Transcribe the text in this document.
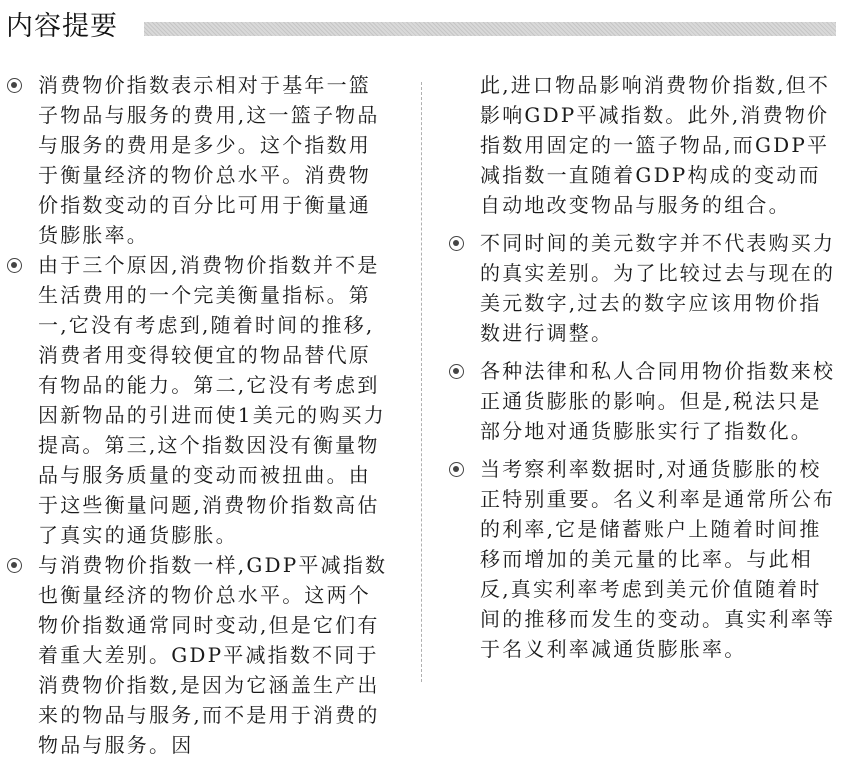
内容提要

消费物价指数表示相对于基年一篮子物品与服务的费用,这一篮子物品与服务的费用是多少。这个指数用于衡量经济的物价总水平。消费物价指数变动的百分比可用于衡量通货膨胀率。

由于三个原因,消费物价指数并不是生活费用的一个完美衡量指标。第一,它没有考虑到,随着时间的推移,消费者用变得较便宜的物品替代原有物品的能力。第二,它没有考虑到因新物品的引进而使1美元的购买力提高。第三,这个指数因没有衡量物品与服务质量的变动而被扭曲。由于这些衡量问题,消费物价指数高估了真实的通货膨胀。

与消费物价指数一样,GDP平减指数也衡量经济的物价总水平。这两个物价指数通常同时变动,但是它们有着重大差别。GDP平减指数不同于消费物价指数,是因为它涵盖生产出来的物品与服务,而不是用于消费的物品与服务。因

此,进口物品影响消费物价指数,但不影响GDP平减指数。此外,消费物价指数用固定的一篮子物品,而GDP平减指数一直随着GDP构成的变动而自动地改变物品与服务的组合。

不同时间的美元数字并不代表购买力的真实差别。为了比较过去与现在的美元数字,过去的数字应该用物价指数进行调整。

各种法律和私人合同用物价指数来校正通货膨胀的影响。但是,税法只是部分地对通货膨胀实行了指数化。

当考察利率数据时,对通货膨胀的校正特别重要。名义利率是通常所公布的利率,它是储蓄账户上随着时间推移而增加的美元量的比率。与此相反,真实利率考虑到美元价值随着时间的推移而发生的变动。真实利率等于名义利率减通货膨胀率。
